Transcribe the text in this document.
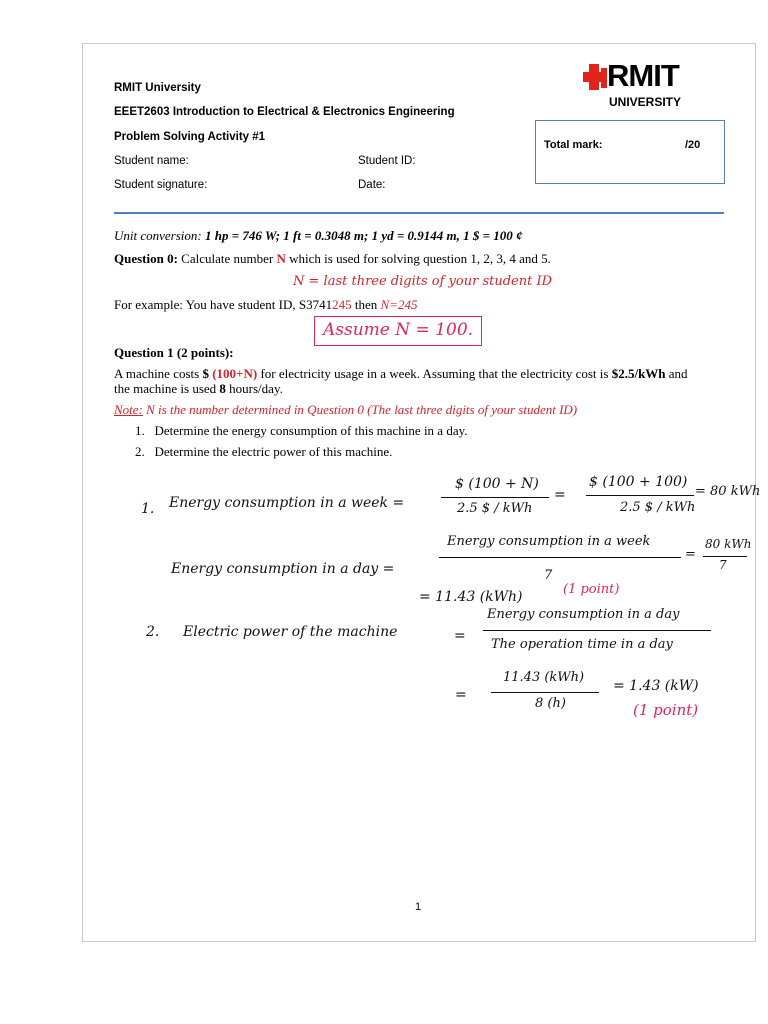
RMIT University
EEET2603 Introduction to Electrical & Electronics Engineering
Problem Solving Activity #1
Student name:	Student ID:
Student signature:	Date:
RMIT
UNIVERSITY
Total mark:	/20
Unit conversion: 1 hp = 746 W; 1 ft = 0.3048 m; 1 yd = 0.9144 m, 1 $ = 100 ¢
Question 0: Calculate number N which is used for solving question 1, 2, 3, 4 and 5.
N = last three digits of your student ID
For example: You have student ID, S3741245 then N=245
Assume N = 100.
Question 1 (2 points):
A machine costs $ (100+N) for electricity usage in a week. Assuming that the electricity cost is $2.5/kWh and
the machine is used 8 hours/day.
Note: N is the number determined in Question 0 (The last three digits of your student ID)
1.   Determine the energy consumption of this machine in a day.
2.   Determine the electric power of this machine.
1. Energy consumption in a week =
$ (100 + N)
2.5 $ / kWh
=
$ (100 + 100)
2.5 $ / kWh
= 80 kWh
Energy consumption in a day =
Energy consumption in a week
7
=
80 kWh
7
= 11.43 (kWh)	(1 point)
2. Electric power of the machine	=
Energy consumption in a day
The operation time in a day
=
11.43 (kWh)
8 (h)
= 1.43 (kW)
(1 point)
1
